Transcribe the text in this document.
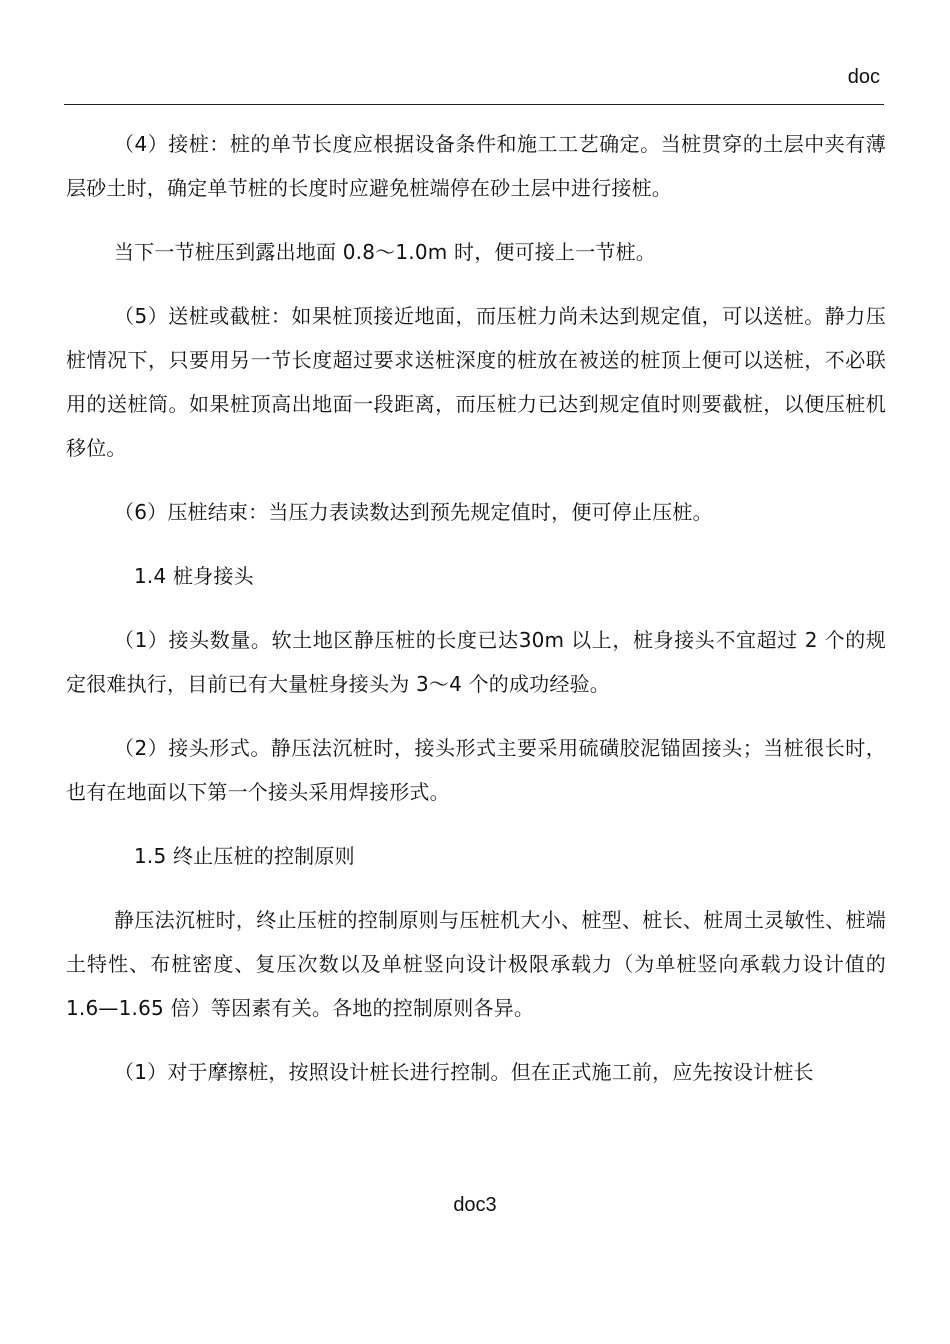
doc

（4）接桩：桩的单节长度应根据设备条件和施工工艺确定。当桩贯穿的土层中夹有薄层砂土时，确定单节桩的长度时应避免桩端停在砂土层中进行接桩。

当下一节桩压到露出地面 0.8～1.0m 时，便可接上一节桩。

（5）送桩或截桩：如果桩顶接近地面，而压桩力尚未达到规定值，可以送桩。静力压桩情况下，只要用另一节长度超过要求送桩深度的桩放在被送的桩顶上便可以送桩，不必联用的送桩筒。如果桩顶高出地面一段距离，而压桩力已达到规定值时则要截桩，以便压桩机移位。

（6）压桩结束：当压力表读数达到预先规定值时，便可停止压桩。

1.4 桩身接头

（1）接头数量。软土地区静压桩的长度已达30m 以上，桩身接头不宜超过 2 个的规定很难执行，目前已有大量桩身接头为 3～4 个的成功经验。

（2）接头形式。静压法沉桩时，接头形式主要采用硫磺胶泥锚固接头；当桩很长时，也有在地面以下第一个接头采用焊接形式。

1.5 终止压桩的控制原则

静压法沉桩时，终止压桩的控制原则与压桩机大小、桩型、桩长、桩周土灵敏性、桩端土特性、布桩密度、复压次数以及单桩竖向设计极限承载力（为单桩竖向承载力设计值的 1.6—1.65 倍）等因素有关。各地的控制原则各异。

（1）对于摩擦桩，按照设计桩长进行控制。但在正式施工前，应先按设计桩长

doc3
